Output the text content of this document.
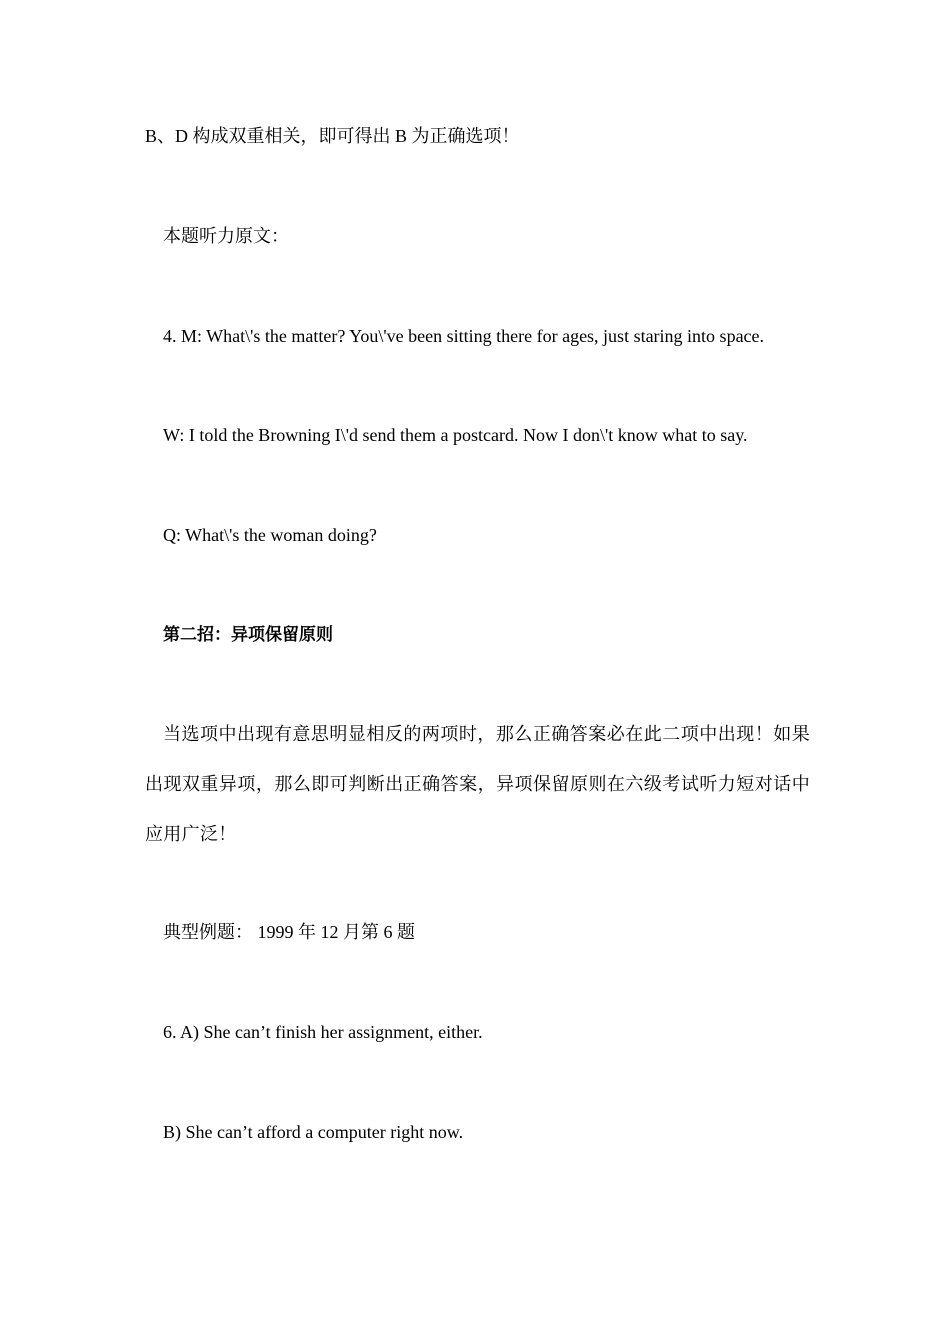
B、D 构成双重相关，即可得出 B 为正确选项！
本题听力原文：
4. M: What\'s the matter? You\'ve been sitting there for ages, just staring into space.
W: I told the Browning I\'d send them a postcard. Now I don\'t know what to say.
Q: What\'s the woman doing?
第二招：异项保留原则
当选项中出现有意思明显相反的两项时，那么正确答案必在此二项中出现！如果出现双重异项，那么即可判断出正确答案，异项保留原则在六级考试听力短对话中应用广泛！
典型例题： 1999 年 12 月第 6 题
6. A) She can’t finish her assignment, either.
B) She can’t afford a computer right now.
